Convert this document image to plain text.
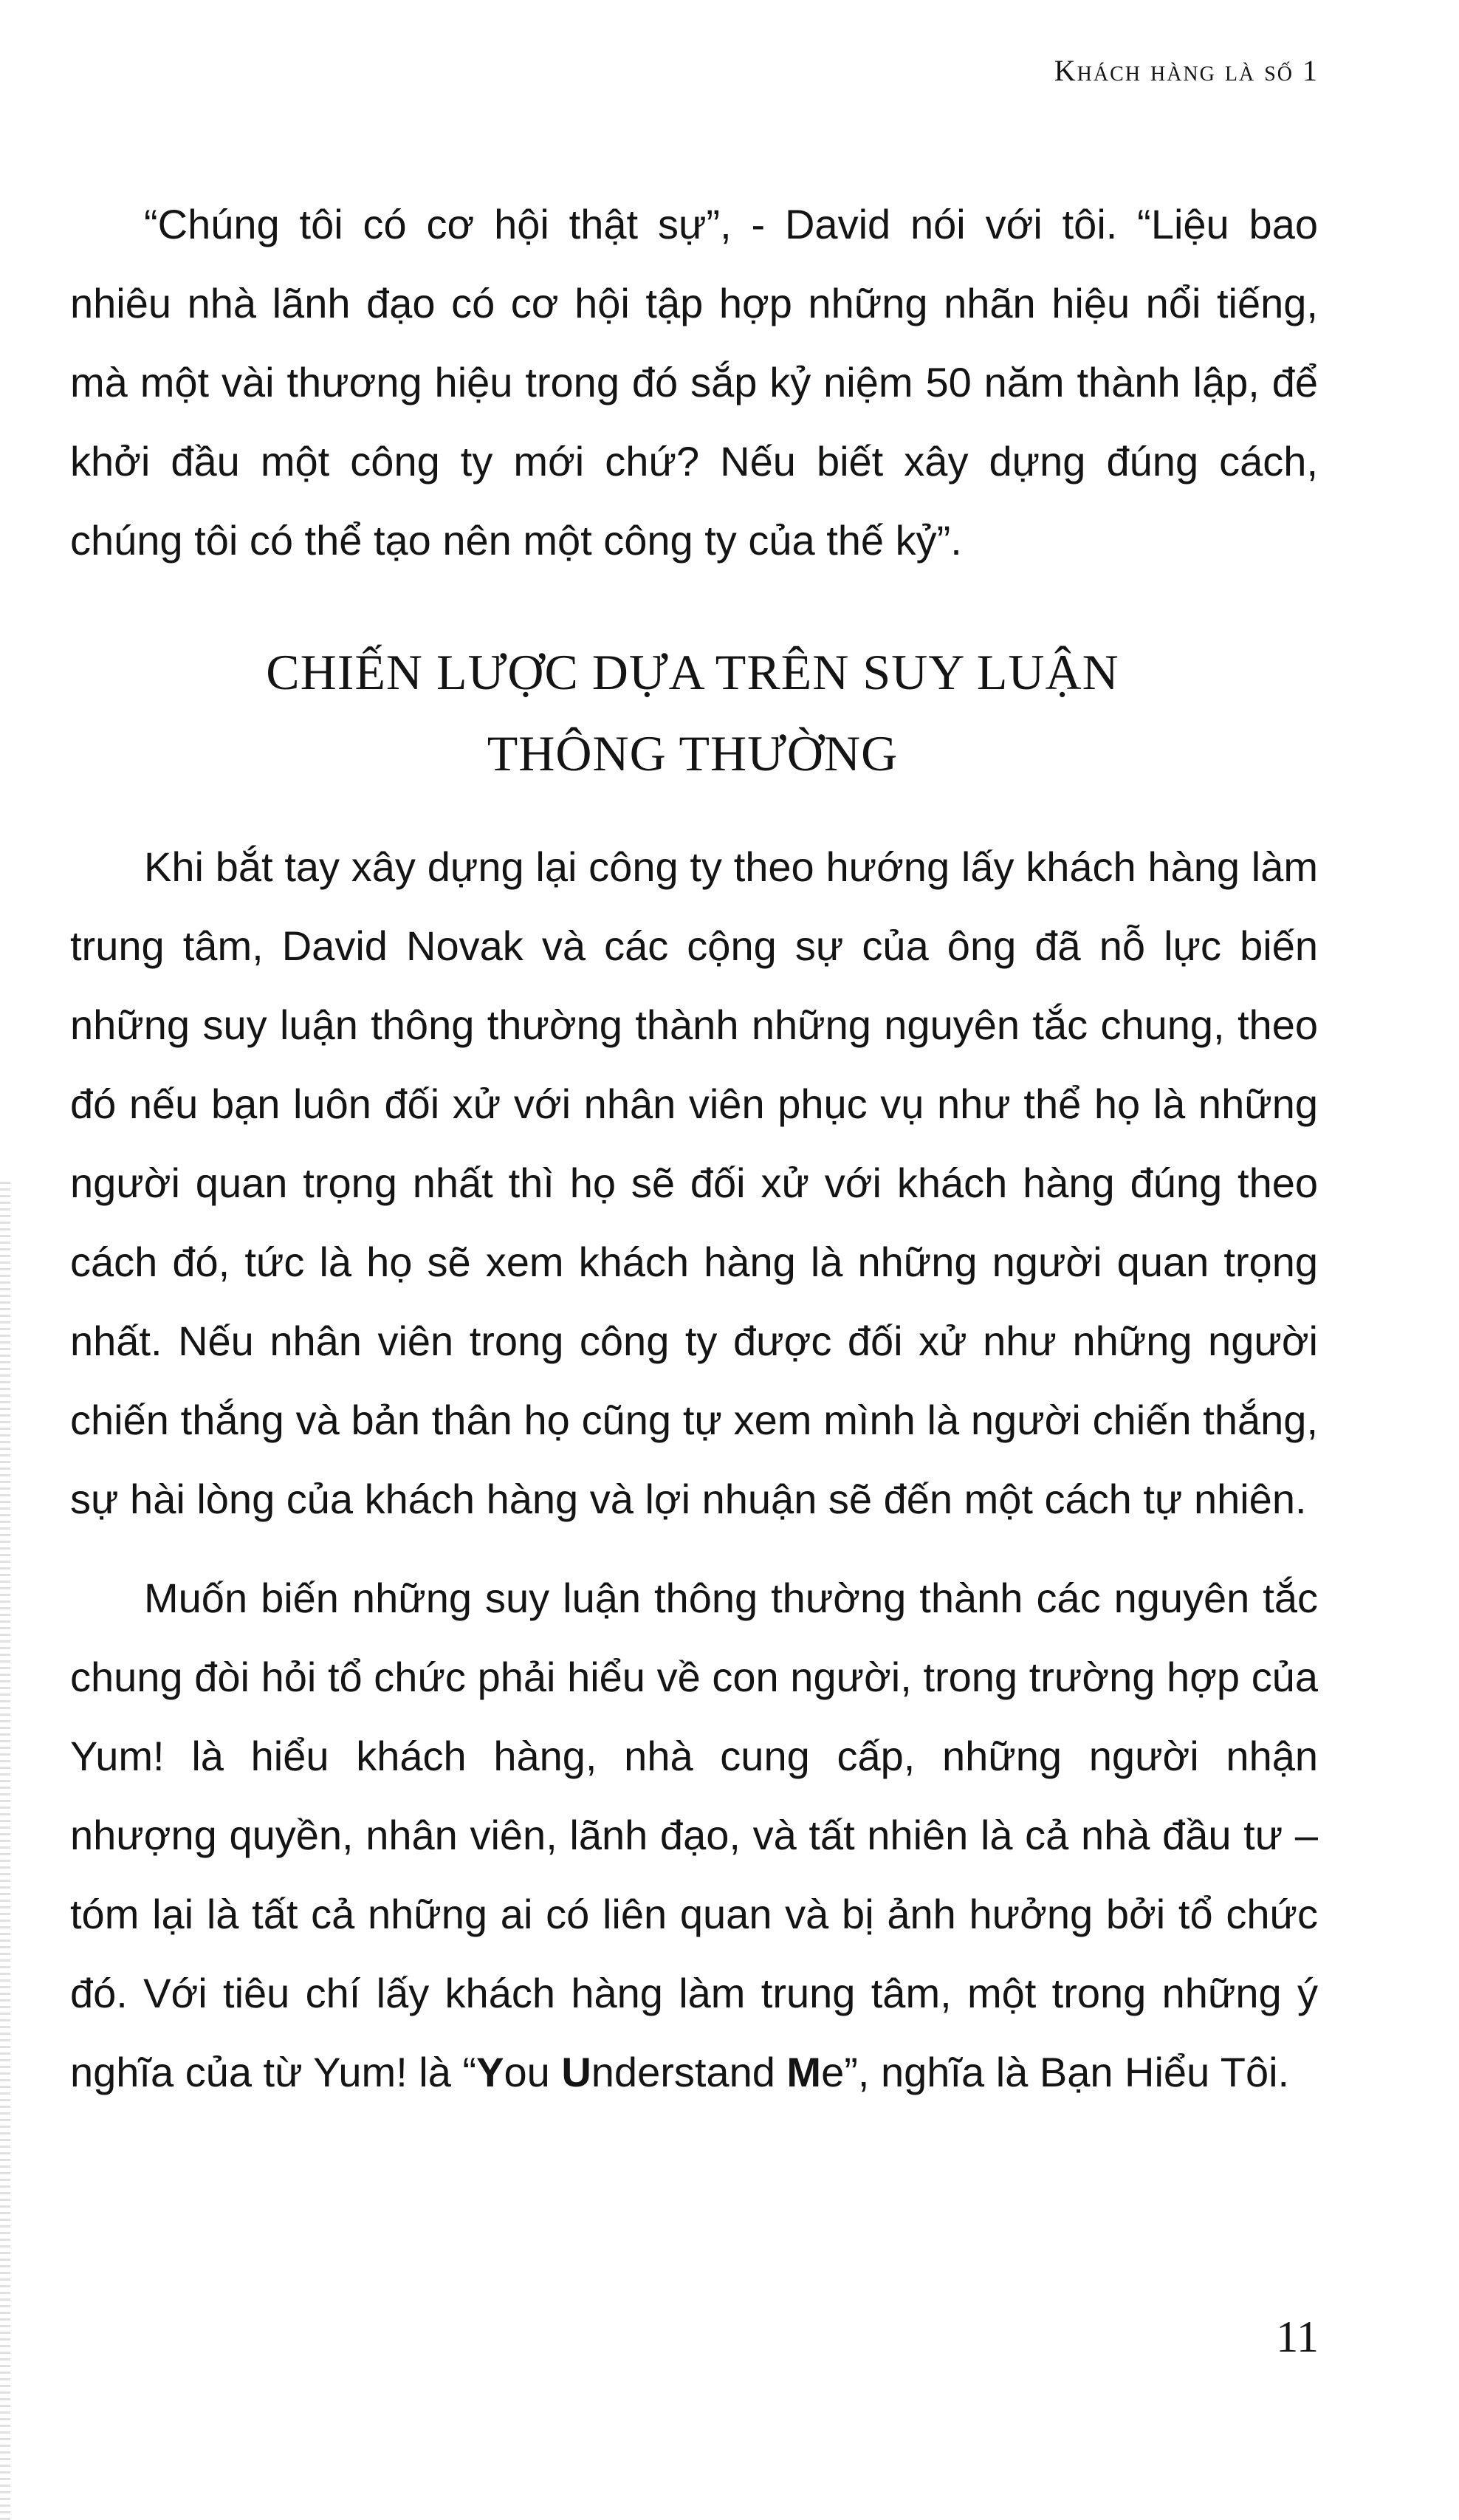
Khách hàng là số 1

“Chúng tôi có cơ hội thật sự”, - David nói với tôi. “Liệu bao nhiêu nhà lãnh đạo có cơ hội tập hợp những nhãn hiệu nổi tiếng, mà một vài thương hiệu trong đó sắp kỷ niệm 50 năm thành lập, để khởi đầu một công ty mới chứ? Nếu biết xây dựng đúng cách, chúng tôi có thể tạo nên một công ty của thế kỷ”.

CHIẾN LƯỢC DỰA TRÊN SUY LUẬN
THÔNG THƯỜNG

Khi bắt tay xây dựng lại công ty theo hướng lấy khách hàng làm trung tâm, David Novak và các cộng sự của ông đã nỗ lực biến những suy luận thông thường thành những nguyên tắc chung, theo đó nếu bạn luôn đối xử với nhân viên phục vụ như thể họ là những người quan trọng nhất thì họ sẽ đối xử với khách hàng đúng theo cách đó, tức là họ sẽ xem khách hàng là những người quan trọng nhất. Nếu nhân viên trong công ty được đối xử như những người chiến thắng và bản thân họ cũng tự xem mình là người chiến thắng, sự hài lòng của khách hàng và lợi nhuận sẽ đến một cách tự nhiên.

Muốn biến những suy luận thông thường thành các nguyên tắc chung đòi hỏi tổ chức phải hiểu về con người, trong trường hợp của Yum! là hiểu khách hàng, nhà cung cấp, những người nhận nhượng quyền, nhân viên, lãnh đạo, và tất nhiên là cả nhà đầu tư – tóm lại là tất cả những ai có liên quan và bị ảnh hưởng bởi tổ chức đó. Với tiêu chí lấy khách hàng làm trung tâm, một trong những ý nghĩa của từ Yum! là “You Understand Me”, nghĩa là Bạn Hiểu Tôi.

11
